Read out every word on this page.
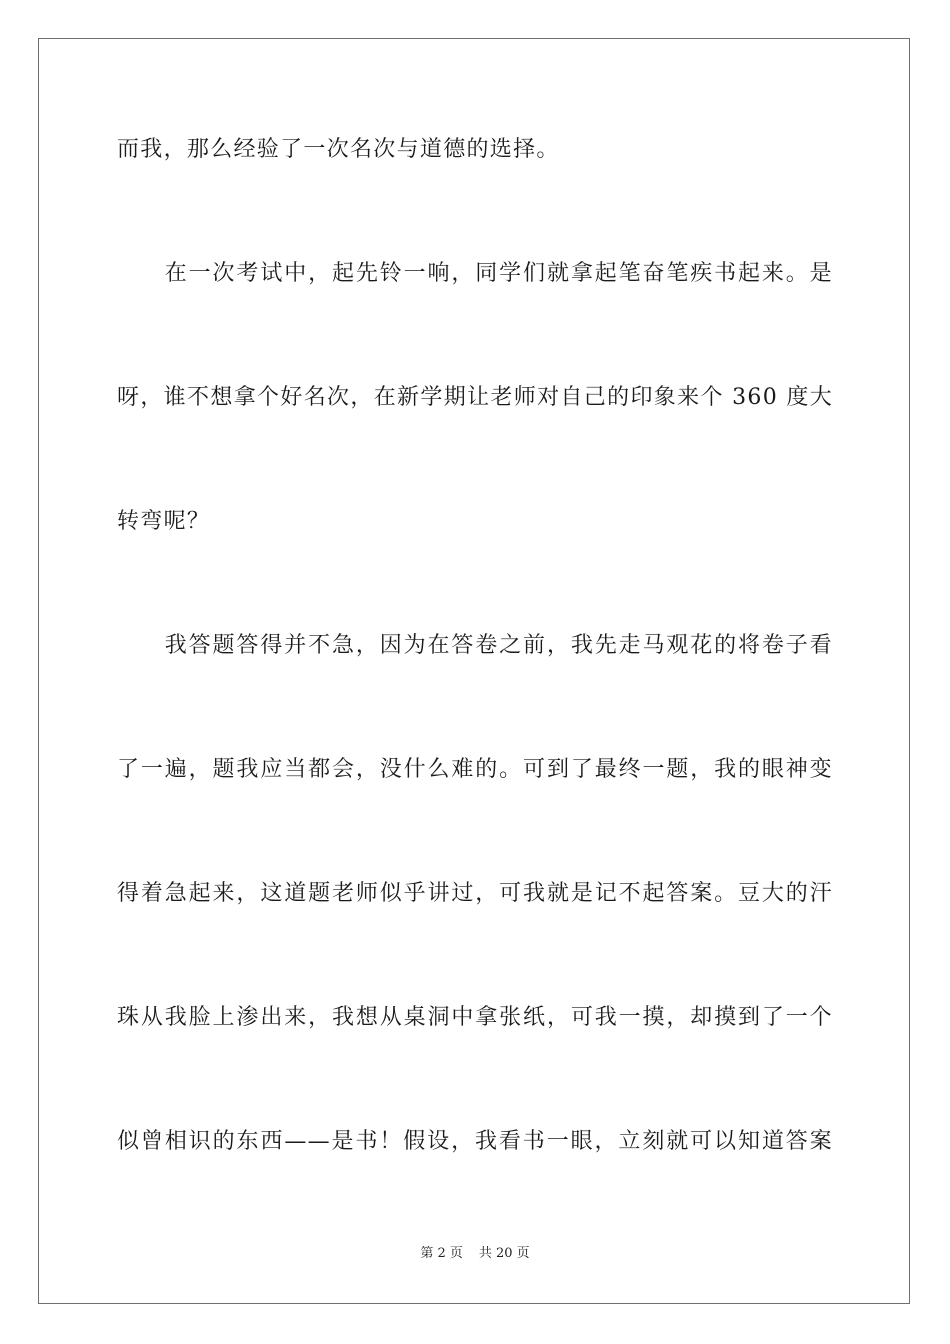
而我，那么经验了一次名次与道德的选择。
　　在一次考试中，起先铃一响，同学们就拿起笔奋笔疾书起来。是
呀，谁不想拿个好名次，在新学期让老师对自己的印象来个 360 度大
转弯呢？
　　我答题答得并不急，因为在答卷之前，我先走马观花的将卷子看
了一遍，题我应当都会，没什么难的。可到了最终一题，我的眼神变
得着急起来，这道题老师似乎讲过，可我就是记不起答案。豆大的汗
珠从我脸上渗出来，我想从桌洞中拿张纸，可我一摸，却摸到了一个
似曾相识的东西——是书！假设，我看书一眼，立刻就可以知道答案
第 2 页 共 20 页
